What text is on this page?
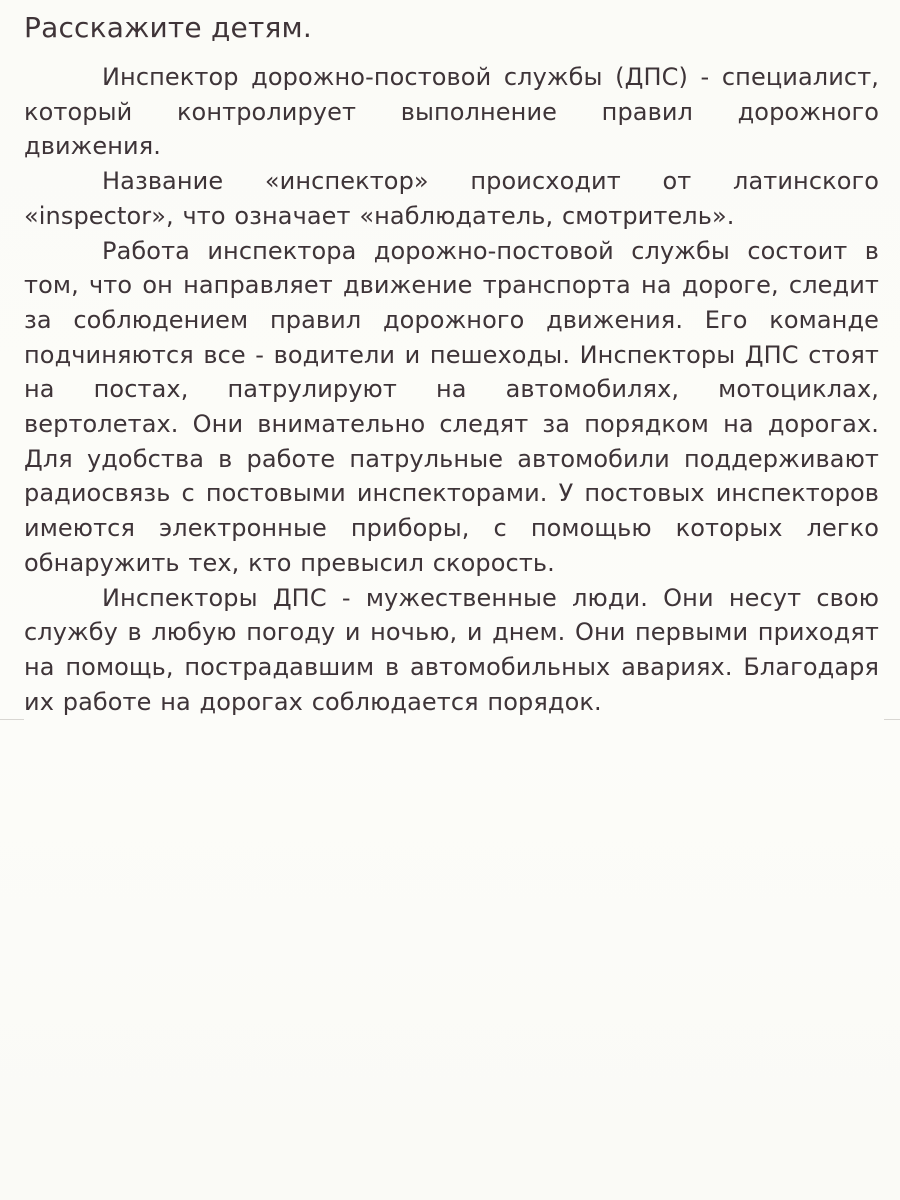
Расскажите детям.

Инспектор дорожно-постовой службы (ДПС) - специалист, который контролирует выполнение правил дорожного движения.

Название «инспектор» происходит от латинского «inspector», что означает «наблюдатель, смотритель».

Работа инспектора дорожно-постовой службы состоит в том, что он направляет движение транспорта на дороге, следит за соблюдением правил дорожного движения. Его команде подчиняются все - водители и пешеходы. Инспекторы ДПС стоят на постах, патрулируют на автомобилях, мотоциклах, вертолетах. Они внимательно следят за порядком на дорогах. Для удобства в работе патрульные автомобили поддерживают радиосвязь с постовыми инспекторами. У постовых инспекторов имеются электронные приборы, с помощью которых легко обнаружить тех, кто превысил скорость.

Инспекторы ДПС - мужественные люди. Они несут свою службу в любую погоду и ночью, и днем. Они первыми приходят на помощь, пострадавшим в автомобильных авариях. Благодаря их работе на дорогах соблюдается порядок.
